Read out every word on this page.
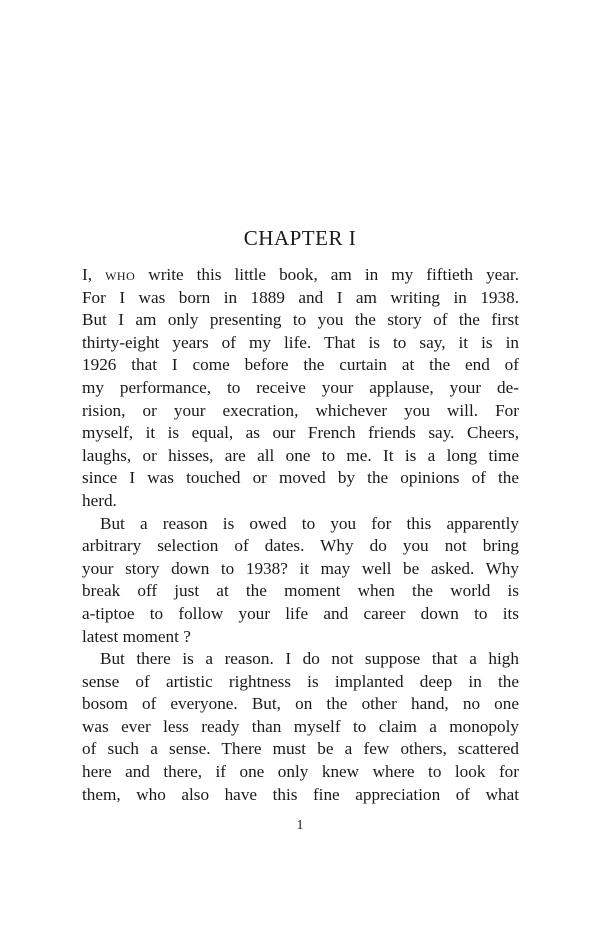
CHAPTER I
I, who write this little book, am in my fiftieth year.
For I was born in 1889 and I am writing in 1938.
But I am only presenting to you the story of the first
thirty-eight years of my life. That is to say, it is in
1926 that I come before the curtain at the end of
my performance, to receive your applause, your de-
rision, or your execration, whichever you will. For
myself, it is equal, as our French friends say. Cheers,
laughs, or hisses, are all one to me. It is a long time
since I was touched or moved by the opinions of the
herd.
But a reason is owed to you for this apparently
arbitrary selection of dates. Why do you not bring
your story down to 1938? it may well be asked. Why
break off just at the moment when the world is
a-tiptoe to follow your life and career down to its
latest moment ?
But there is a reason. I do not suppose that a high
sense of artistic rightness is implanted deep in the
bosom of everyone. But, on the other hand, no one
was ever less ready than myself to claim a monopoly
of such a sense. There must be a few others, scattered
here and there, if one only knew where to look for
them, who also have this fine appreciation of what
1
